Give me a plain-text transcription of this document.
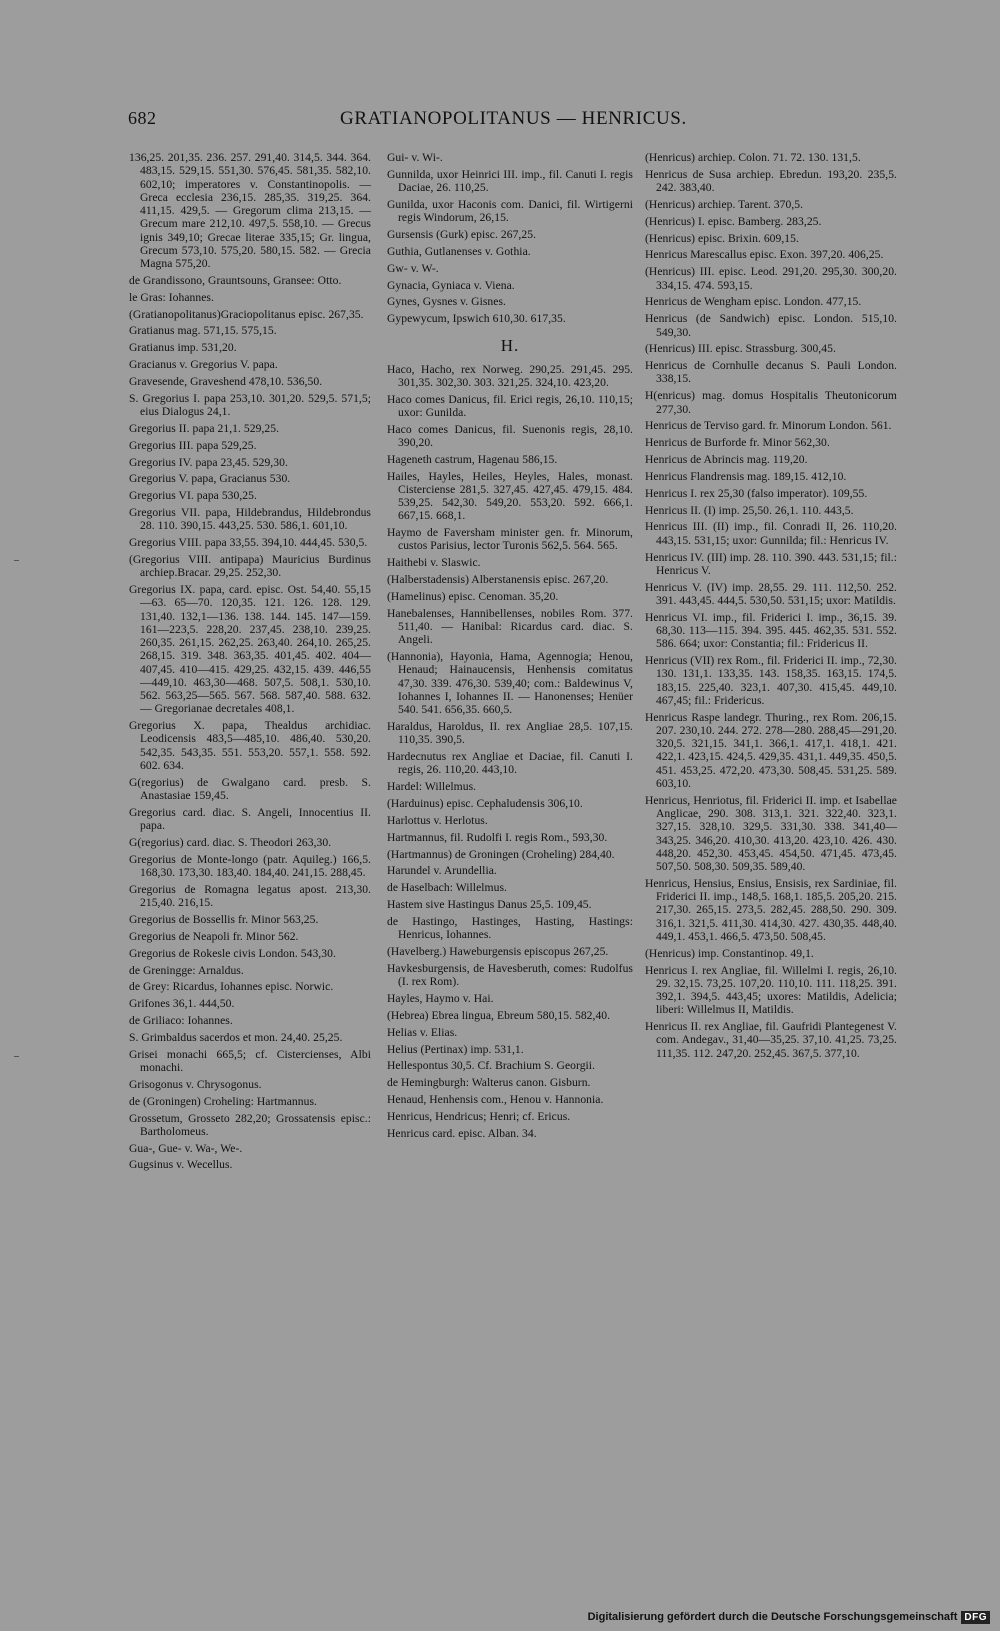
682	GRATIANOPOLITANUS — HENRICUS.

136,25. 201,35. 236. 257. 291,40. 314,5. 344. 364. 483,15. 529,15. 551,30. 576,45. 581,35. 582,10. 602,10; imperatores v. Constantinopolis. — Greca ecclesia 236,15. 285,35. 319,25. 364. 411,15. 429,5. — Gregorum clima 213,15. — Grecum mare 212,10. 497,5. 558,10. — Grecus ignis 349,10; Grecae literae 335,15; Gr. lingua, Grecum 573,10. 575,20. 580,15. 582. — Grecia Magna 575,20.

de Grandissono, Grauntsouns, Gransee: Otto.

le Gras: Iohannes.

(Gratianopolitanus)Graciopolitanus episc. 267,35.

Gratianus mag. 571,15. 575,15.

Gratianus imp. 531,20.

Gracianus v. Gregorius V. papa.

Gravesende, Graveshend 478,10. 536,50.

S. Gregorius I. papa 253,10. 301,20. 529,5. 571,5; eius Dialogus 24,1.

Gregorius II. papa 21,1. 529,25.

Gregorius III. papa 529,25.

Gregorius IV. papa 23,45. 529,30.

Gregorius V. papa, Gracianus 530.

Gregorius VI. papa 530,25.

Gregorius VII. papa, Hildebrandus, Hildebrondus 28. 110. 390,15. 443,25. 530. 586,1. 601,10.

Gregorius VIII. papa 33,55. 394,10. 444,45. 530,5.

(Gregorius VIII. antipapa) Mauricius Burdinus archiep.Bracar. 29,25. 252,30.

Gregorius IX. papa, card. episc. Ost. 54,40. 55,15—63. 65—70. 120,35. 121. 126. 128. 129. 131,40. 132,1—136. 138. 144. 145. 147—159. 161—223,5. 228,20. 237,45. 238,10. 239,25. 260,35. 261,15. 262,25. 263,40. 264,10. 265,25. 268,15. 319. 348. 363,35. 401,45. 402. 404—407,45. 410—415. 429,25. 432,15. 439. 446,55—449,10. 463,30—468. 507,5. 508,1. 530,10. 562. 563,25—565. 567. 568. 587,40. 588. 632. — Gregorianae decretales 408,1.

Gregorius X. papa, Thealdus archidiac. Leodicensis 483,5—485,10. 486,40. 530,20. 542,35. 543,35. 551. 553,20. 557,1. 558. 592. 602. 634.

G(regorius) de Gwalgano card. presb. S. Anastasiae 159,45.

Gregorius card. diac. S. Angeli, Innocentius II. papa.

G(regorius) card. diac. S. Theodori 263,30.

Gregorius de Monte-longo (patr. Aquileg.) 166,5. 168,30. 173,30. 183,40. 184,40. 241,15. 288,45.

Gregorius de Romagna legatus apost. 213,30. 215,40. 216,15.

Gregorius de Bossellis fr. Minor 563,25.

Gregorius de Neapoli fr. Minor 562.

Gregorius de Rokesle civis London. 543,30.

de Greningge: Arnaldus.

de Grey: Ricardus, Iohannes episc. Norwic.

Grifones 36,1. 444,50.

de Griliaco: Iohannes.

S. Grimbaldus sacerdos et mon. 24,40. 25,25.

Grisei monachi 665,5; cf. Cistercienses, Albi monachi.

Grisogonus v. Chrysogonus.

de (Groningen) Croheling: Hartmannus.

Grossetum, Grosseto 282,20; Grossatensis episc.: Bartholomeus.

Gua-, Gue- v. Wa-, We-.

Gugsinus v. Wecellus.

Gui- v. Wi-.

Gunnilda, uxor Heinrici III. imp., fil. Canuti I. regis Daciae, 26. 110,25.

Gunilda, uxor Haconis com. Danici, fil. Wirtigerni regis Windorum, 26,15.

Gursensis (Gurk) episc. 267,25.

Guthia, Gutlanenses v. Gothia.

Gw- v. W-.

Gynacia, Gyniaca v. Viena.

Gynes, Gysnes v. Gisnes.

Gypewycum, Ipswich 610,30. 617,35.

H.

Haco, Hacho, rex Norweg. 290,25. 291,45. 295. 301,35. 302,30. 303. 321,25. 324,10. 423,20.

Haco comes Danicus, fil. Erici regis, 26,10. 110,15; uxor: Gunilda.

Haco comes Danicus, fil. Suenonis regis, 28,10. 390,20.

Hageneth castrum, Hagenau 586,15.

Hailes, Hayles, Heiles, Heyles, Hales, monast. Cisterciense 281,5. 327,45. 427,45. 479,15. 484. 539,25. 542,30. 549,20. 553,20. 592. 666,1. 667,15. 668,1.

Haymo de Faversham minister gen. fr. Minorum, custos Parisius, lector Turonis 562,5. 564. 565.

Haithebi v. Slaswic.

(Halberstadensis) Alberstanensis episc. 267,20.

(Hamelinus) episc. Cenoman. 35,20.

Hanebalenses, Hannibellenses, nobiles Rom. 377. 511,40. — Hanibal: Ricardus card. diac. S. Angeli.

(Hannonia), Hayonia, Hama, Agennogia; Henou, Henaud; Hainaucensis, Henhensis comitatus 47,30. 339. 476,30. 539,40; com.: Baldewinus V, Iohannes I, Iohannes II. — Hanonenses; Henüer 540. 541. 656,35. 660,5.

Haraldus, Haroldus, II. rex Angliae 28,5. 107,15. 110,35. 390,5.

Hardecnutus rex Angliae et Daciae, fil. Canuti I. regis, 26. 110,20. 443,10.

Hardel: Willelmus.

(Harduinus) episc. Cephaludensis 306,10.

Harlottus v. Herlotus.

Hartmannus, fil. Rudolfi I. regis Rom., 593,30.

(Hartmannus) de Groningen (Croheling) 284,40.

Harundel v. Arundellia.

de Haselbach: Willelmus.

Hastem sive Hastingus Danus 25,5. 109,45.

de Hastingo, Hastinges, Hasting, Hastings: Henricus, Iohannes.

(Havelberg.) Haweburgensis episcopus 267,25.

Havkesburgensis, de Havesberuth, comes: Rudolfus (I. rex Rom).

Hayles, Haymo v. Hai.

(Hebrea) Ebrea lingua, Ebreum 580,15. 582,40.

Helias v. Elias.

Helius (Pertinax) imp. 531,1.

Hellespontus 30,5. Cf. Brachium S. Georgii.

de Hemingburgh: Walterus canon. Gisburn.

Henaud, Henhensis com., Henou v. Hannonia.

Henricus, Hendricus; Henri; cf. Ericus.

Henricus card. episc. Alban. 34.

(Henricus) archiep. Colon. 71. 72. 130. 131,5.

Henricus de Susa archiep. Ebredun. 193,20. 235,5. 242. 383,40.

(Henricus) archiep. Tarent. 370,5.

(Henricus) I. episc. Bamberg. 283,25.

(Henricus) episc. Brixin. 609,15.

Henricus Marescallus episc. Exon. 397,20. 406,25.

(Henricus) III. episc. Leod. 291,20. 295,30. 300,20. 334,15. 474. 593,15.

Henricus de Wengham episc. London. 477,15.

Henricus (de Sandwich) episc. London. 515,10. 549,30.

(Henricus) III. episc. Strassburg. 300,45.

Henricus de Cornhulle decanus S. Pauli London. 338,15.

H(enricus) mag. domus Hospitalis Theutonicorum 277,30.

Henricus de Terviso gard. fr. Minorum London. 561.

Henricus de Burforde fr. Minor 562,30.

Henricus de Abrincis mag. 119,20.

Henricus Flandrensis mag. 189,15. 412,10.

Henricus I. rex 25,30 (falso imperator). 109,55.

Henricus II. (I) imp. 25,50. 26,1. 110. 443,5.

Henricus III. (II) imp., fil. Conradi II, 26. 110,20. 443,15. 531,15; uxor: Gunnilda; fil.: Henricus IV.

Henricus IV. (III) imp. 28. 110. 390. 443. 531,15; fil.: Henricus V.

Henricus V. (IV) imp. 28,55. 29. 111. 112,50. 252. 391. 443,45. 444,5. 530,50. 531,15; uxor: Matildis.

Henricus VI. imp., fil. Friderici I. imp., 36,15. 39. 68,30. 113—115. 394. 395. 445. 462,35. 531. 552. 586. 664; uxor: Constantia; fil.: Fridericus II.

Henricus (VII) rex Rom., fil. Friderici II. imp., 72,30. 130. 131,1. 133,35. 143. 158,35. 163,15. 174,5. 183,15. 225,40. 323,1. 407,30. 415,45. 449,10. 467,45; fil.: Fridericus.

Henricus Raspe landegr. Thuring., rex Rom. 206,15. 207. 230,10. 244. 272. 278—280. 288,45—291,20. 320,5. 321,15. 341,1. 366,1. 417,1. 418,1. 421. 422,1. 423,15. 424,5. 429,35. 431,1. 449,35. 450,5. 451. 453,25. 472,20. 473,30. 508,45. 531,25. 589. 603,10.

Henricus, Henriotus, fil. Friderici II. imp. et Isabellae Anglicae, 290. 308. 313,1. 321. 322,40. 323,1. 327,15. 328,10. 329,5. 331,30. 338. 341,40—343,25. 346,20. 410,30. 413,20. 423,10. 426. 430. 448,20. 452,30. 453,45. 454,50. 471,45. 473,45. 507,50. 508,30. 509,35. 589,40.

Henricus, Hensius, Ensius, Ensisis, rex Sardiniae, fil. Friderici II. imp., 148,5. 168,1. 185,5. 205,20. 215. 217,30. 265,15. 273,5. 282,45. 288,50. 290. 309. 316,1. 321,5. 411,30. 414,30. 427. 430,35. 448,40. 449,1. 453,1. 466,5. 473,50. 508,45.

(Henricus) imp. Constantinop. 49,1.

Henricus I. rex Angliae, fil. Willelmi I. regis, 26,10. 29. 32,15. 73,25. 107,20. 110,10. 111. 118,25. 391. 392,1. 394,5. 443,45; uxores: Matildis, Adelicia; liberi: Willelmus II, Matildis.

Henricus II. rex Angliae, fil. Gaufridi Plantegenest V. com. Andegav., 31,40—35,25. 37,10. 41,25. 73,25. 111,35. 112. 247,20. 252,45. 367,5. 377,10.

Digitalisierung gefördert durch die Deutsche Forschungsgemeinschaft DFG
